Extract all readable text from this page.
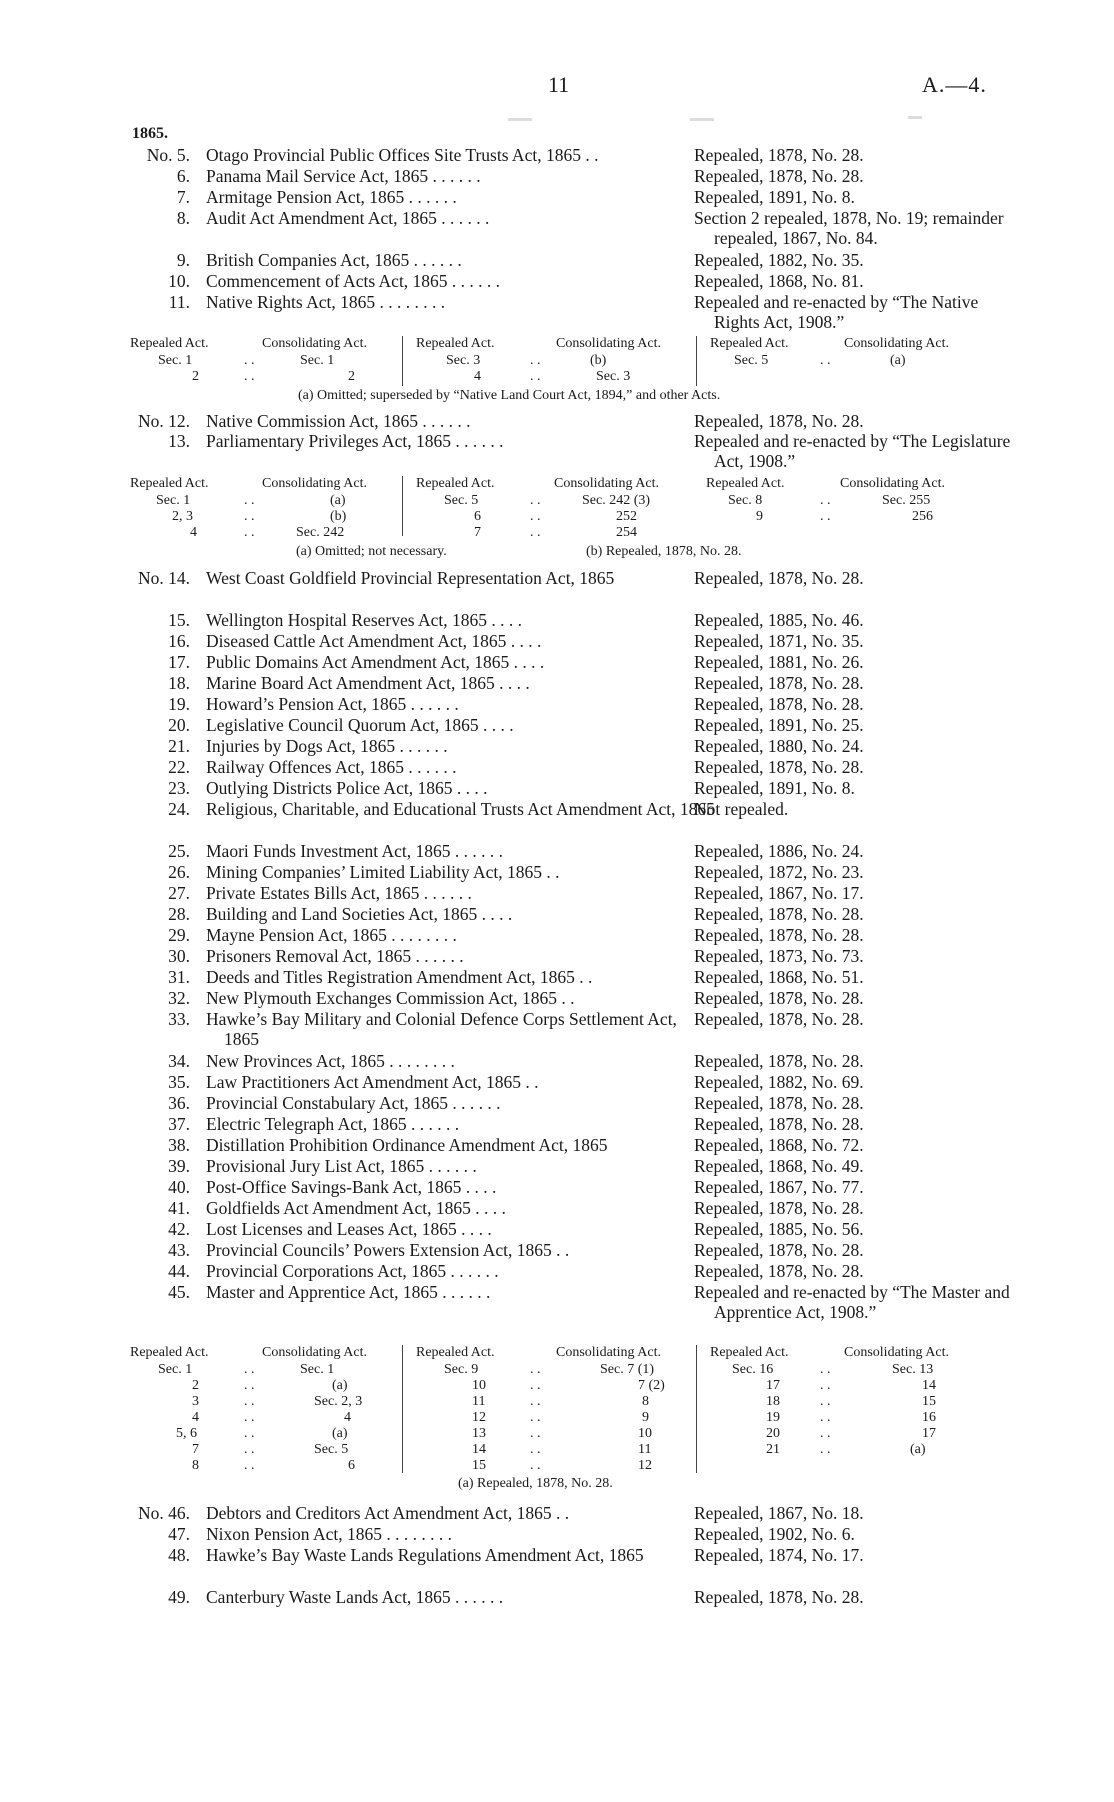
11	A.—4.
1865.
No. 5. Otago Provincial Public Offices Site Trusts Act, 1865 . .	Repealed, 1878, No. 28.
6. Panama Mail Service Act, 1865 . . . . . .	Repealed, 1878, No. 28.
7. Armitage Pension Act, 1865 . . . . . .	Repealed, 1891, No. 8.
8. Audit Act Amendment Act, 1865 . . . . . .	Section 2 repealed, 1878, No. 19; remainder repealed, 1867, No. 84.
9. British Companies Act, 1865 . . . . . .	Repealed, 1882, No. 35.
10. Commencement of Acts Act, 1865 . . . . . .	Repealed, 1868, No. 81.
11. Native Rights Act, 1865 . . . . . . . .	Repealed and re-enacted by “The Native Rights Act, 1908.”
Repealed Act.	Consolidating Act.	Repealed Act.	Consolidating Act.	Repealed Act.	Consolidating Act.
Sec. 1	. .	Sec. 1	Sec. 3	. .	(b)	Sec. 5	. .	(a)
2	. .	2	4	. .	Sec. 3
(a) Omitted; superseded by “Native Land Court Act, 1894,” and other Acts.
No. 12. Native Commission Act, 1865 . . . . . .	Repealed, 1878, No. 28.
13. Parliamentary Privileges Act, 1865 . . . . . .	Repealed and re-enacted by “The Legislature Act, 1908.”
Repealed Act.	Consolidating Act.	Repealed Act.	Consolidating Act.	Repealed Act.	Consolidating Act.
Sec. 1	. .	(a)	Sec. 5	. .	Sec. 242 (3)	Sec. 8	. .	Sec. 255
2, 3	. .	(b)	6	. .	252	9	. .	256
4	. .	Sec. 242	7	. .	254
(a) Omitted; not necessary.	(b) Repealed, 1878, No. 28.
No. 14. West Coast Goldfield Provincial Representation Act, 1865	Repealed, 1878, No. 28.
15. Wellington Hospital Reserves Act, 1865 . . . .	Repealed, 1885, No. 46.
16. Diseased Cattle Act Amendment Act, 1865 . . . .	Repealed, 1871, No. 35.
17. Public Domains Act Amendment Act, 1865 . . . .	Repealed, 1881, No. 26.
18. Marine Board Act Amendment Act, 1865 . . . .	Repealed, 1878, No. 28.
19. Howard’s Pension Act, 1865 . . . . . .	Repealed, 1878, No. 28.
20. Legislative Council Quorum Act, 1865 . . . .	Repealed, 1891, No. 25.
21. Injuries by Dogs Act, 1865 . . . . . .	Repealed, 1880, No. 24.
22. Railway Offences Act, 1865 . . . . . .	Repealed, 1878, No. 28.
23. Outlying Districts Police Act, 1865 . . . .	Repealed, 1891, No. 8.
24. Religious, Charitable, and Educational Trusts Act Amendment Act, 1865
Not repealed.
25. Maori Funds Investment Act, 1865 . . . . . .	Repealed, 1886, No. 24.
26. Mining Companies’ Limited Liability Act, 1865 . .	Repealed, 1872, No. 23.
27. Private Estates Bills Act, 1865 . . . . . .	Repealed, 1867, No. 17.
28. Building and Land Societies Act, 1865 . . . .	Repealed, 1878, No. 28.
29. Mayne Pension Act, 1865 . . . . . . . .	Repealed, 1878, No. 28.
30. Prisoners Removal Act, 1865 . . . . . .	Repealed, 1873, No. 73.
31. Deeds and Titles Registration Amendment Act, 1865 . .	Repealed, 1868, No. 51.
32. New Plymouth Exchanges Commission Act, 1865 . .	Repealed, 1878, No. 28.
33. Hawke’s Bay Military and Colonial Defence Corps Settlement Act, 1865
Repealed, 1878, No. 28.
34. New Provinces Act, 1865 . . . . . . . .	Repealed, 1878, No. 28.
35. Law Practitioners Act Amendment Act, 1865 . .	Repealed, 1882, No. 69.
36. Provincial Constabulary Act, 1865 . . . . . .	Repealed, 1878, No. 28.
37. Electric Telegraph Act, 1865 . . . . . .	Repealed, 1878, No. 28.
38. Distillation Prohibition Ordinance Amendment Act, 1865	Repealed, 1868, No. 72.
39. Provisional Jury List Act, 1865 . . . . . .	Repealed, 1868, No. 49.
40. Post-Office Savings-Bank Act, 1865 . . . .	Repealed, 1867, No. 77.
41. Goldfields Act Amendment Act, 1865 . . . .	Repealed, 1878, No. 28.
42. Lost Licenses and Leases Act, 1865 . . . .	Repealed, 1885, No. 56.
43. Provincial Councils’ Powers Extension Act, 1865 . .	Repealed, 1878, No. 28.
44. Provincial Corporations Act, 1865 . . . . . .	Repealed, 1878, No. 28.
45. Master and Apprentice Act, 1865 . . . . . .	Repealed and re-enacted by “The Master and Apprentice Act, 1908.”
Repealed Act.	Consolidating Act.	Repealed Act.	Consolidating Act.	Repealed Act.	Consolidating Act.
Sec. 1	. .	Sec. 1	Sec. 9	. .	Sec. 7 (1)	Sec. 16	. .	Sec. 13
2	. .	(a)	10	. .	7 (2)	17	. .	14
3	. .	Sec. 2, 3	11	. .	8	18	. .	15
4	. .	4	12	. .	9	19	. .	16
5, 6	. .	(a)	13	. .	10	20	. .	17
7	. .	Sec. 5	14	. .	11	21	. .	(a)
8	. .	6	15	. .	12
(a) Repealed, 1878, No. 28.
No. 46. Debtors and Creditors Act Amendment Act, 1865 . .	Repealed, 1867, No. 18.
47. Nixon Pension Act, 1865 . . . . . . . .	Repealed, 1902, No. 6.
48. Hawke’s Bay Waste Lands Regulations Amendment Act, 1865	Repealed, 1874, No. 17.
49. Canterbury Waste Lands Act, 1865 . . . . . .	Repealed, 1878, No. 28.
